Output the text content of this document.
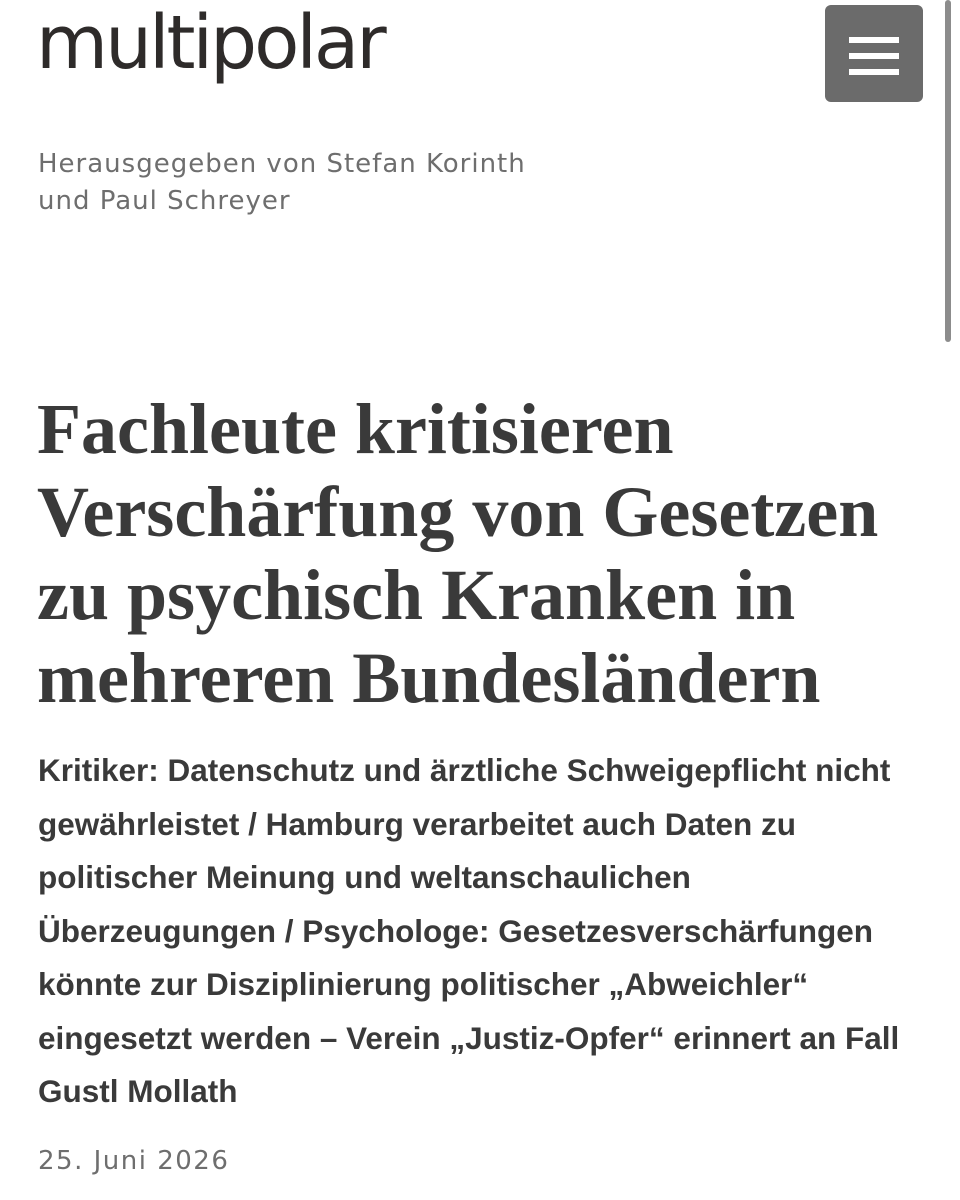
multipolar

Herausgegeben von Stefan Korinth
und Paul Schreyer

Fachleute kritisieren Verschärfung von Gesetzen zu psychisch Kranken in mehreren Bundesländern

Kritiker: Datenschutz und ärztliche Schweigepflicht nicht gewährleistet / Hamburg verarbeitet auch Daten zu politischer Meinung und weltanschaulichen Überzeugungen / Psychologe: Gesetzesverschärfungen könnte zur Disziplinierung politischer „Abweichler“ eingesetzt werden – Verein „Justiz-Opfer“ erinnert an Fall Gustl Mollath

25. Juni 2026
